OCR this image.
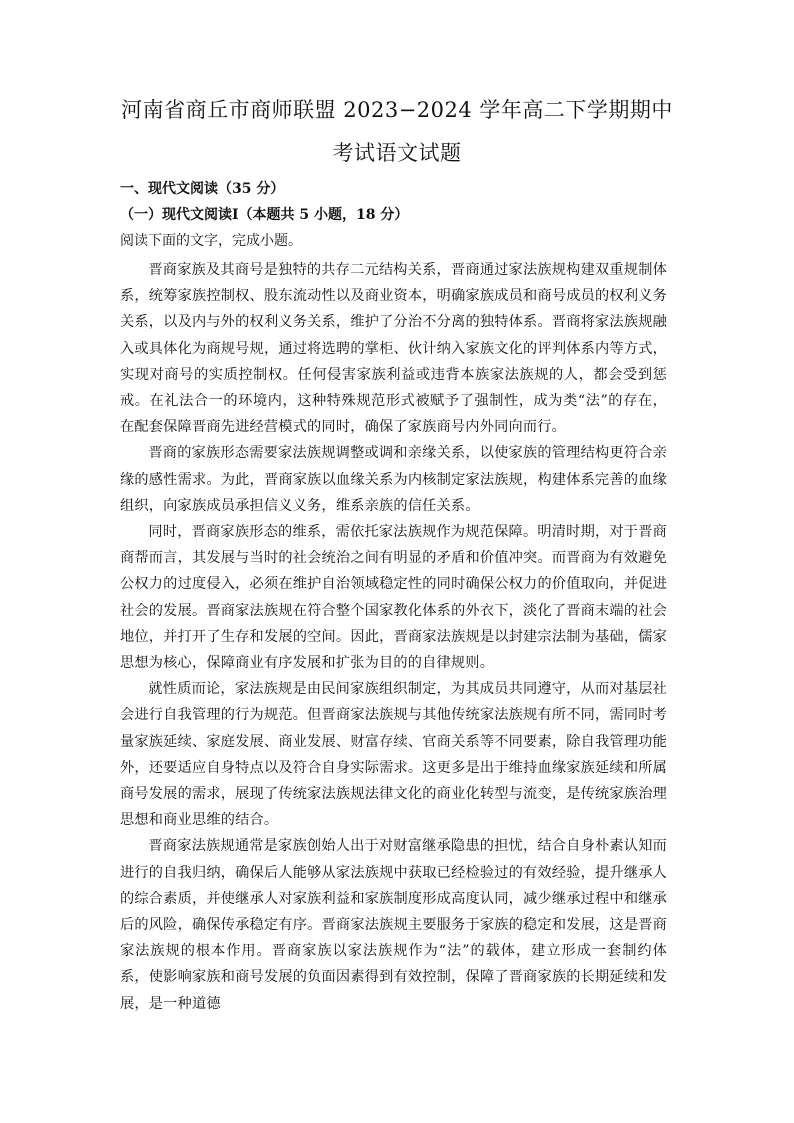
河南省商丘市商师联盟 2023−2024 学年高二下学期期中
考试语文试题
一、现代文阅读（35 分）
（一）现代文阅读Ⅰ（本题共 5 小题，18 分）
阅读下面的文字，完成小题。

晋商家族及其商号是独特的共存二元结构关系，晋商通过家法族规构建双重规制体系，统筹家族控制权、股东流动性以及商业资本，明确家族成员和商号成员的权利义务关系，以及内与外的权利义务关系，维护了分治不分离的独特体系。晋商将家法族规融入或具体化为商规号规，通过将选聘的掌柜、伙计纳入家族文化的评判体系内等方式，实现对商号的实质控制权。任何侵害家族利益或违背本族家法族规的人，都会受到惩戒。在礼法合一的环境内，这种特殊规范形式被赋予了强制性，成为类“法”的存在，在配套保障晋商先进经营模式的同时，确保了家族商号内外同向而行。

晋商的家族形态需要家法族规调整或调和亲缘关系，以使家族的管理结构更符合亲缘的感性需求。为此，晋商家族以血缘关系为内核制定家法族规，构建体系完善的血缘组织，向家族成员承担信义义务，维系亲族的信任关系。

同时，晋商家族形态的维系，需依托家法族规作为规范保障。明清时期，对于晋商商帮而言，其发展与当时的社会统治之间有明显的矛盾和价值冲突。而晋商为有效避免公权力的过度侵入，必须在维护自治领域稳定性的同时确保公权力的价值取向，并促进社会的发展。晋商家法族规在符合整个国家教化体系的外衣下，淡化了晋商末端的社会地位，并打开了生存和发展的空间。因此，晋商家法族规是以封建宗法制为基础，儒家思想为核心，保障商业有序发展和扩张为目的的自律规则。

就性质而论，家法族规是由民间家族组织制定，为其成员共同遵守，从而对基层社会进行自我管理的行为规范。但晋商家法族规与其他传统家法族规有所不同，需同时考量家族延续、家庭发展、商业发展、财富存续、官商关系等不同要素，除自我管理功能外，还要适应自身特点以及符合自身实际需求。这更多是出于维持血缘家族延续和所属商号发展的需求，展现了传统家法族规法律文化的商业化转型与流变，是传统家族治理思想和商业思维的结合。

晋商家法族规通常是家族创始人出于对财富继承隐患的担忧，结合自身朴素认知而进行的自我归纳，确保后人能够从家法族规中获取已经检验过的有效经验，提升继承人的综合素质，并使继承人对家族利益和家族制度形成高度认同，减少继承过程中和继承后的风险，确保传承稳定有序。晋商家法族规主要服务于家族的稳定和发展，这是晋商家法族规的根本作用。晋商家族以家法族规作为“法”的载体，建立形成一套制约体系，使影响家族和商号发展的负面因素得到有效控制，保障了晋商家族的长期延续和发展，是一种道德
